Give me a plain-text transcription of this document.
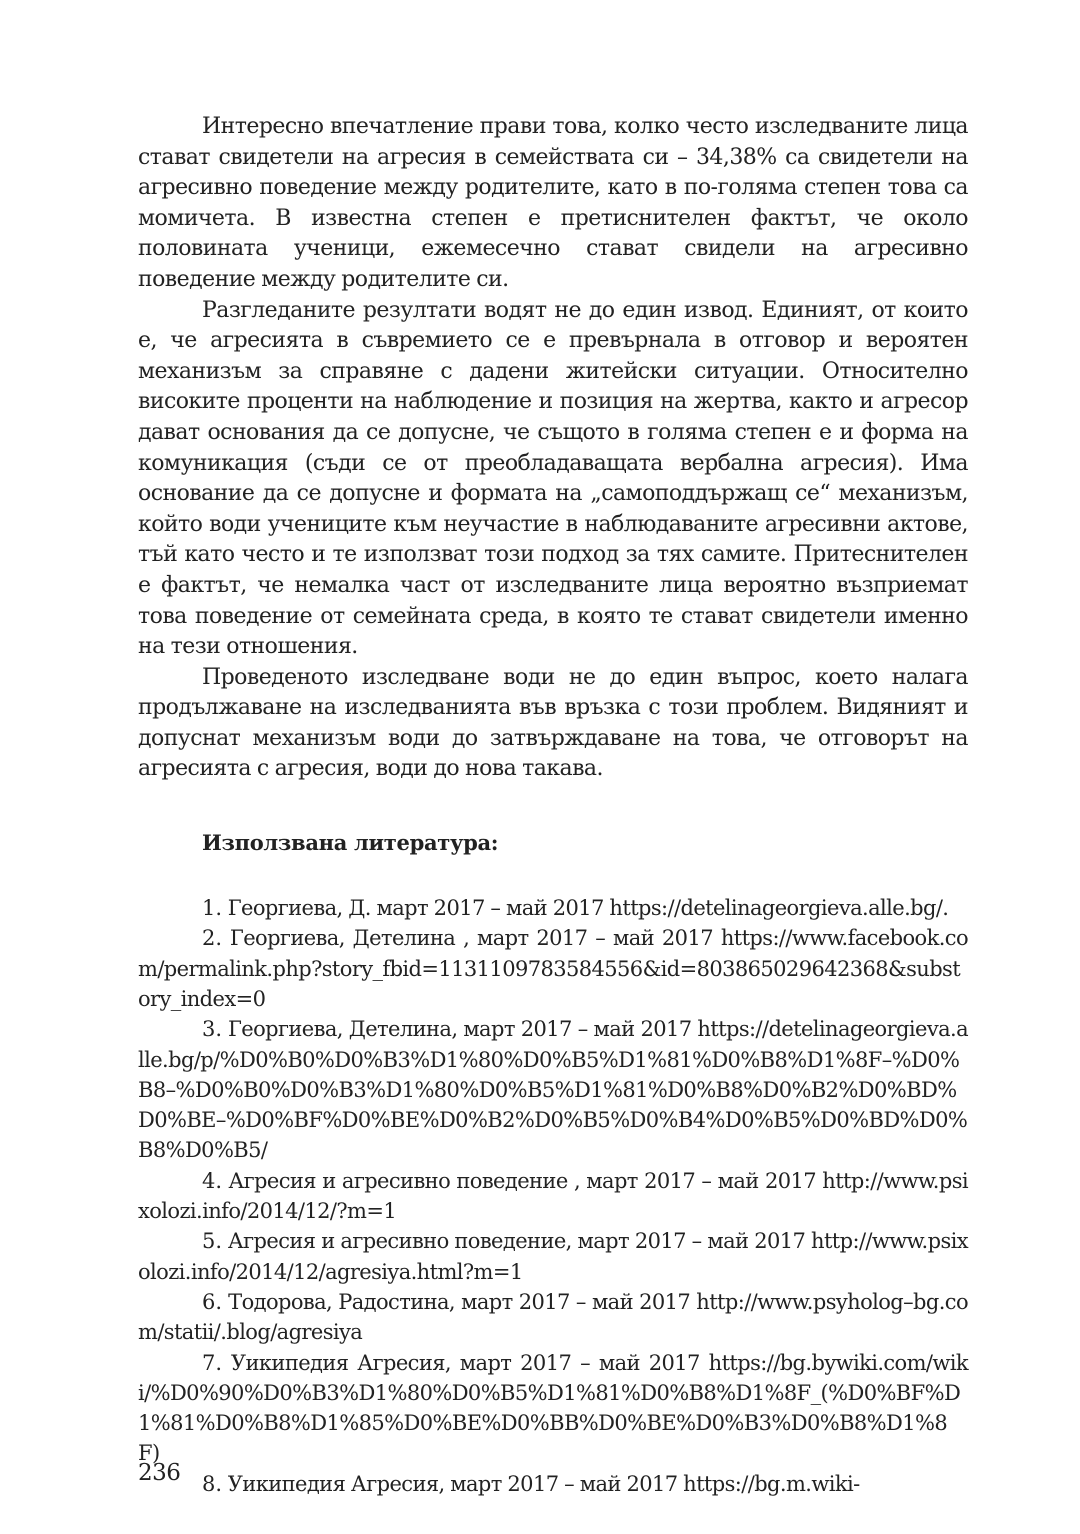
Интересно впечатление прави това, колко често изследваните лица стават свидетели на агресия в семействата си – 34,38% са свидетели на агресивно поведение между родителите, като в по-голяма степен това са момичета. В известна степен е претиснителен фактът, че около половината ученици, ежемесечно стават свидели на агресивно поведение между родителите си.

Разгледаните резултати водят не до един извод. Единият, от които е, че агресията в съвремието се е превърнала в отговор и вероятен механизъм за справяне с дадени житейски ситуации. Относително високите проценти на наблюдение и позиция на жертва, както и агресор дават основания да се допусне, че същото в голяма степен е и форма на комуникация (съди се от преобладаващата вербална агресия). Има основание да се допусне и формата на „самоподдържащ се“ механизъм, който води учениците към неучастие в наблюдаваните агресивни актове, тъй като често и те използват този подход за тях самите. Притеснителен е фактът, че немалка част от изследваните лица вероятно възприемат това поведение от семейната среда, в която те стават свидетели именно на тези отношения.

Проведеното изследване води не до един въпрос, което налага продължаване на изследванията във връзка с този проблем. Видяният и допуснат механизъм води до затвърждаване на това, че отговорът на агресията с агресия, води до нова такава.

Използвана литература:
1. Георгиева, Д. март 2017 – май 2017 https://detelinageorgieva.alle.bg/.
2. Георгиева, Детелина , март 2017 – май 2017 https://www.facebook.com/permalink.php?story_fbid=1131109783584556&id=803865029642368&substory_index=0
3. Георгиева, Детелина, март 2017 – май 2017 https://detelinageorgieva.alle.bg/p/%D0%B0%D0%B3%D1%80%D0%B5%D1%81%D0%B8%D1%8F–%D0%B8–%D0%B0%D0%B3%D1%80%D0%B5%D1%81%D0%B8%D0%B2%D0%BD%D0%BE–%D0%BF%D0%BE%D0%B2%D0%B5%D0%B4%D0%B5%D0%BD%D0%B8%D0%B5/
4. Агресия и агресивно поведение , март 2017 – май 2017 http://www.psixolozi.info/2014/12/?m=1
5. Агресия и агресивно поведение, март 2017 – май 2017 http://www.psixolozi.info/2014/12/agresiya.html?m=1
6. Тодорова, Радостина, март 2017 – май 2017 http://www.psyholog–bg.com/statii/.blog/agresiya
7. Уикипедия Агресия, март 2017 – май 2017 https://bg.bywiki.com/wiki/%D0%90%D0%B3%D1%80%D0%B5%D1%81%D0%B8%D1%8F_(%D0%BF%D1%81%D0%B8%D1%85%D0%BE%D0%BB%D0%BE%D0%B3%D0%B8%D1%8F)
8. Уикипедия Агресия, март 2017 – май 2017 https://bg.m.wiki-
236
